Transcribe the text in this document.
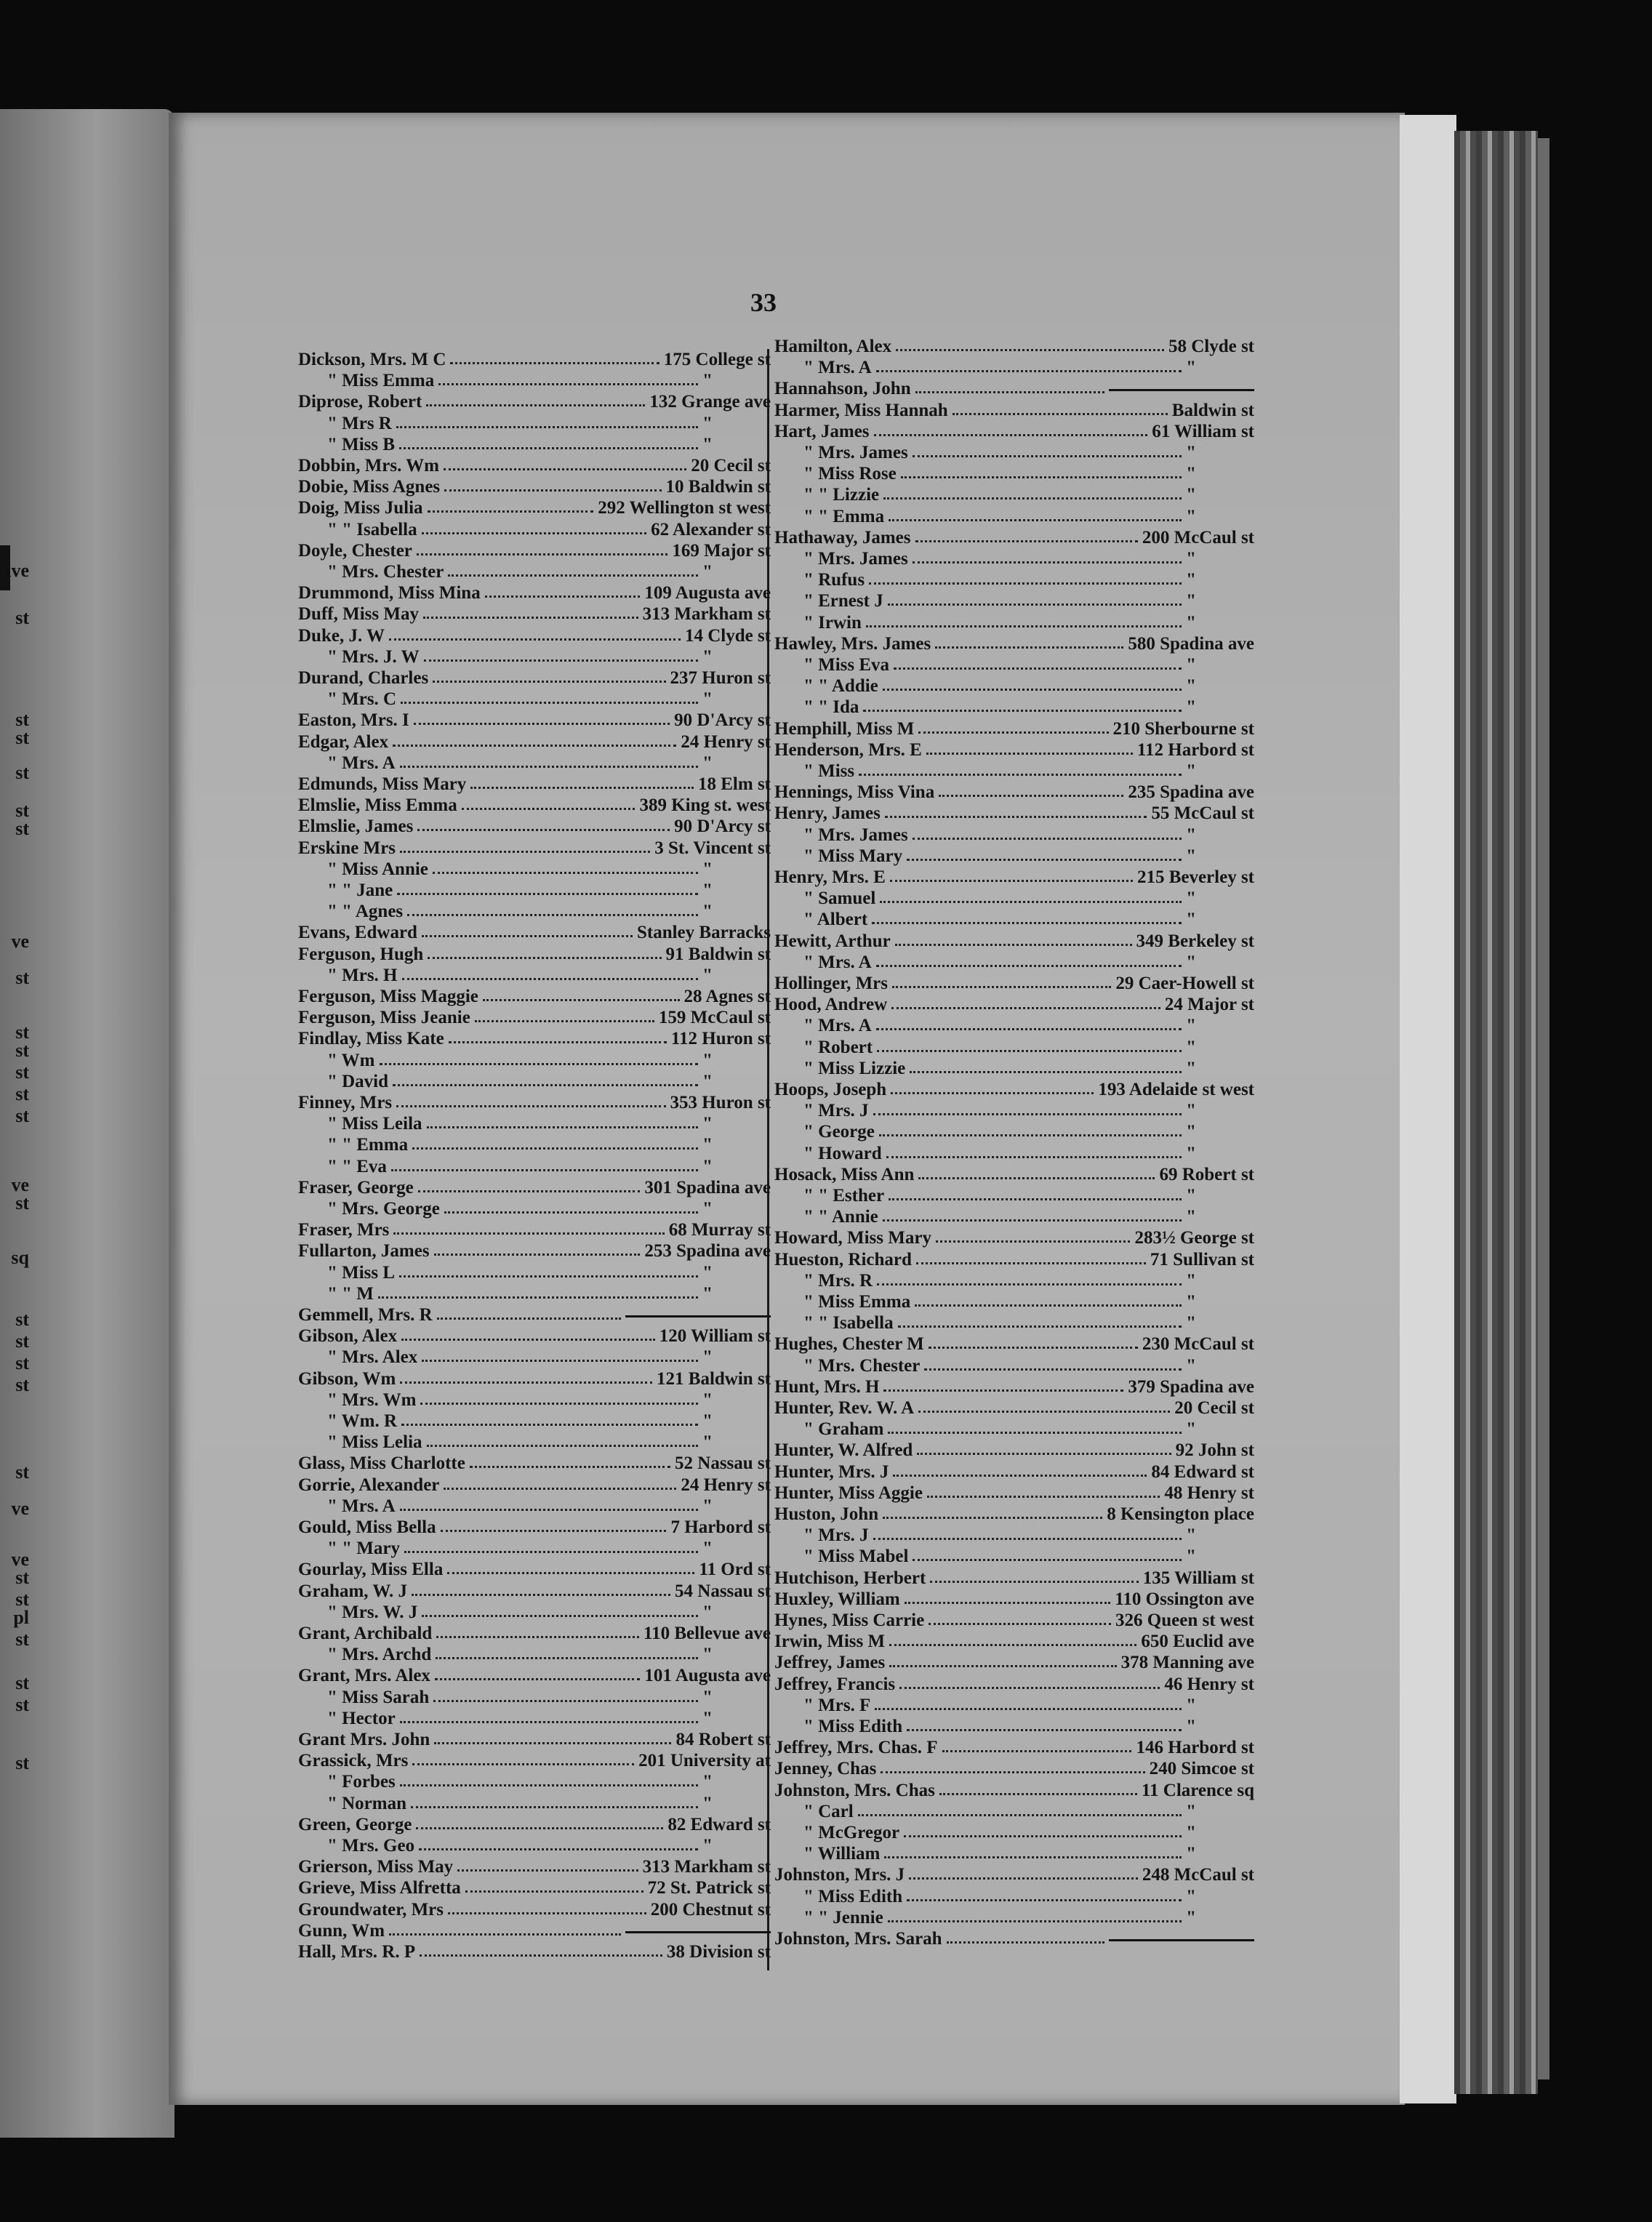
ave
st
st
st
st
st
st
ve
st
st
st
st
st
st
ve
st
sq
st
st
st
st
st
ve
ve
st
st
pl
st
st
st
st
33
Dickson, Mrs. M C	175 College st
" Miss Emma	"
Diprose, Robert	132 Grange ave
" Mrs R	"
" Miss B	"
Dobbin, Mrs. Wm	20 Cecil st
Dobie, Miss Agnes	10 Baldwin st
Doig, Miss Julia	292 Wellington st west
" " Isabella	62 Alexander st
Doyle, Chester	169 Major st
" Mrs. Chester	"
Drummond, Miss Mina	109 Augusta ave
Duff, Miss May	313 Markham st
Duke, J. W	14 Clyde st
" Mrs. J. W	"
Durand, Charles	237 Huron st
" Mrs. C	"
Easton, Mrs. I	90 D'Arcy st
Edgar, Alex	24 Henry st
" Mrs. A	"
Edmunds, Miss Mary	18 Elm st
Elmslie, Miss Emma	389 King st. west
Elmslie, James	90 D'Arcy st
Erskine Mrs	3 St. Vincent st
" Miss Annie	"
" " Jane	"
" " Agnes	"
Evans, Edward	Stanley Barracks
Ferguson, Hugh	91 Baldwin st
" Mrs. H	"
Ferguson, Miss Maggie	28 Agnes st
Ferguson, Miss Jeanie	159 McCaul st
Findlay, Miss Kate	112 Huron st
" Wm	"
" David	"
Finney, Mrs	353 Huron st
" Miss Leila	"
" " Emma	"
" " Eva	"
Fraser, George	301 Spadina ave
" Mrs. George	"
Fraser, Mrs	68 Murray st
Fullarton, James	253 Spadina ave
" Miss L	"
" " M	"
Gemmell, Mrs. R
Gibson, Alex	120 William st
" Mrs. Alex	"
Gibson, Wm	121 Baldwin st
" Mrs. Wm	"
" Wm. R	"
" Miss Lelia	"
Glass, Miss Charlotte	52 Nassau st
Gorrie, Alexander	24 Henry st
" Mrs. A	"
Gould, Miss Bella	7 Harbord st
" " Mary	"
Gourlay, Miss Ella	11 Ord st
Graham, W. J	54 Nassau st
" Mrs. W. J	"
Grant, Archibald	110 Bellevue ave
" Mrs. Archd	"
Grant, Mrs. Alex	101 Augusta ave
" Miss Sarah	"
" Hector	"
Grant Mrs. John	84 Robert st
Grassick, Mrs	201 University at
" Forbes	"
" Norman	"
Green, George	82 Edward st
" Mrs. Geo	"
Grierson, Miss May	313 Markham st
Grieve, Miss Alfretta	72 St. Patrick st
Groundwater, Mrs	200 Chestnut st
Gunn, Wm
Hall, Mrs. R. P	38 Division st
Hamilton, Alex	58 Clyde st
" Mrs. A	"
Hannahson, John
Harmer, Miss Hannah	Baldwin st
Hart, James	61 William st
" Mrs. James	"
" Miss Rose	"
" " Lizzie	"
" " Emma	"
Hathaway, James	200 McCaul st
" Mrs. James	"
" Rufus	"
" Ernest J	"
" Irwin	"
Hawley, Mrs. James	580 Spadina ave
" Miss Eva	"
" " Addie	"
" " Ida	"
Hemphill, Miss M	210 Sherbourne st
Henderson, Mrs. E	112 Harbord st
" Miss	"
Hennings, Miss Vina	235 Spadina ave
Henry, James	55 McCaul st
" Mrs. James	"
" Miss Mary	"
Henry, Mrs. E	215 Beverley st
" Samuel	"
" Albert	"
Hewitt, Arthur	349 Berkeley st
" Mrs. A	"
Hollinger, Mrs	29 Caer-Howell st
Hood, Andrew	24 Major st
" Mrs. A	"
" Robert	"
" Miss Lizzie	"
Hoops, Joseph	193 Adelaide st west
" Mrs. J	"
" George	"
" Howard	"
Hosack, Miss Ann	69 Robert st
" " Esther	"
" " Annie	"
Howard, Miss Mary	283½ George st
Hueston, Richard	71 Sullivan st
" Mrs. R	"
" Miss Emma	"
" " Isabella	"
Hughes, Chester M	230 McCaul st
" Mrs. Chester	"
Hunt, Mrs. H	379 Spadina ave
Hunter, Rev. W. A	20 Cecil st
" Graham	"
Hunter, W. Alfred	92 John st
Hunter, Mrs. J	84 Edward st
Hunter, Miss Aggie	48 Henry st
Huston, John	8 Kensington place
" Mrs. J	"
" Miss Mabel	"
Hutchison, Herbert	135 William st
Huxley, William	110 Ossington ave
Hynes, Miss Carrie	326 Queen st west
Irwin, Miss M	650 Euclid ave
Jeffrey, James	378 Manning ave
Jeffrey, Francis	46 Henry st
" Mrs. F	"
" Miss Edith	"
Jeffrey, Mrs. Chas. F	146 Harbord st
Jenney, Chas	240 Simcoe st
Johnston, Mrs. Chas	11 Clarence sq
" Carl	"
" McGregor	"
" William	"
Johnston, Mrs. J	248 McCaul st
" Miss Edith	"
" " Jennie	"
Johnston, Mrs. Sarah
